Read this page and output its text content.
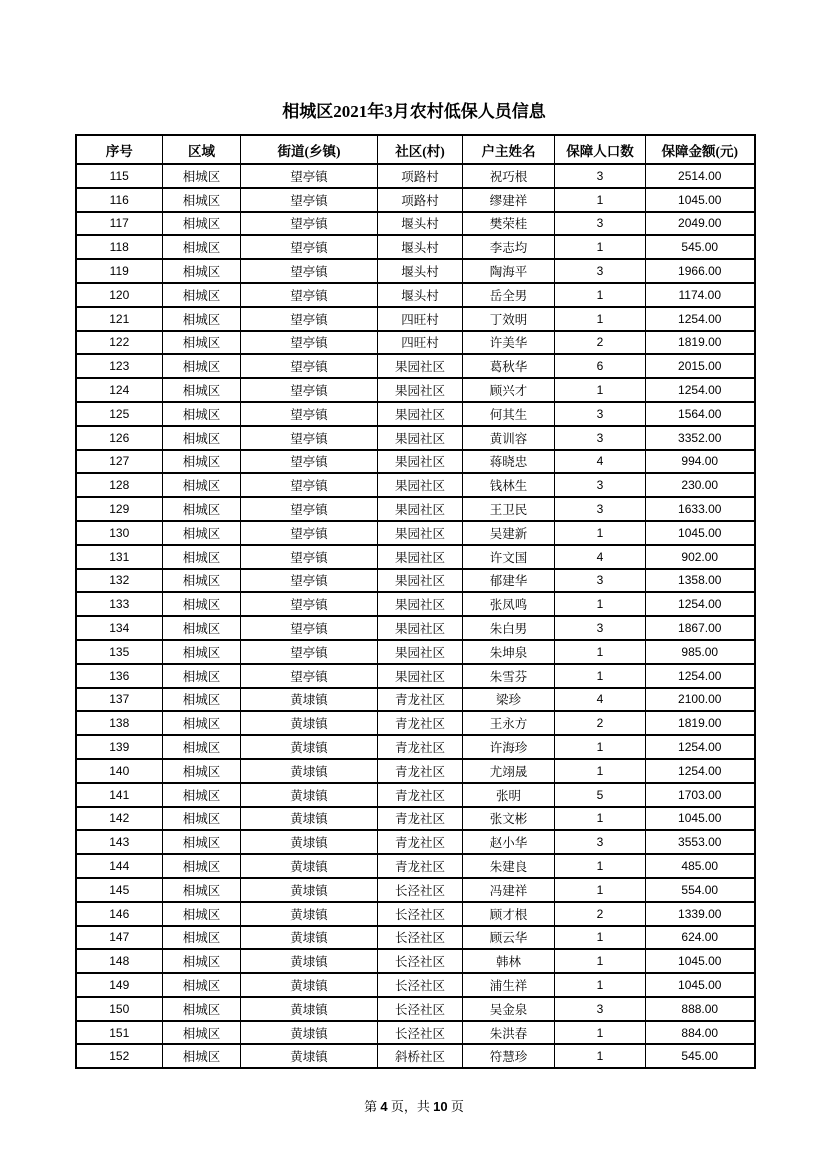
相城区2021年3月农村低保人员信息
序号	区域	街道(乡镇)	社区(村)	户主姓名	保障人口数	保障金额(元)
115	相城区	望亭镇	项路村	祝巧根	3	2514.00
116	相城区	望亭镇	项路村	缪建祥	1	1045.00
117	相城区	望亭镇	堰头村	樊荣桂	3	2049.00
118	相城区	望亭镇	堰头村	李志均	1	545.00
119	相城区	望亭镇	堰头村	陶海平	3	1966.00
120	相城区	望亭镇	堰头村	岳全男	1	1174.00
121	相城区	望亭镇	四旺村	丁效明	1	1254.00
122	相城区	望亭镇	四旺村	许美华	2	1819.00
123	相城区	望亭镇	果园社区	葛秋华	6	2015.00
124	相城区	望亭镇	果园社区	顾兴才	1	1254.00
125	相城区	望亭镇	果园社区	何其生	3	1564.00
126	相城区	望亭镇	果园社区	黄训容	3	3352.00
127	相城区	望亭镇	果园社区	蒋晓忠	4	994.00
128	相城区	望亭镇	果园社区	钱林生	3	230.00
129	相城区	望亭镇	果园社区	王卫民	3	1633.00
130	相城区	望亭镇	果园社区	吴建新	1	1045.00
131	相城区	望亭镇	果园社区	许文国	4	902.00
132	相城区	望亭镇	果园社区	郁建华	3	1358.00
133	相城区	望亭镇	果园社区	张凤鸣	1	1254.00
134	相城区	望亭镇	果园社区	朱白男	3	1867.00
135	相城区	望亭镇	果园社区	朱坤泉	1	985.00
136	相城区	望亭镇	果园社区	朱雪芬	1	1254.00
137	相城区	黄埭镇	青龙社区	梁珍	4	2100.00
138	相城区	黄埭镇	青龙社区	王永方	2	1819.00
139	相城区	黄埭镇	青龙社区	许海珍	1	1254.00
140	相城区	黄埭镇	青龙社区	尤翊晟	1	1254.00
141	相城区	黄埭镇	青龙社区	张明	5	1703.00
142	相城区	黄埭镇	青龙社区	张文彬	1	1045.00
143	相城区	黄埭镇	青龙社区	赵小华	3	3553.00
144	相城区	黄埭镇	青龙社区	朱建良	1	485.00
145	相城区	黄埭镇	长泾社区	冯建祥	1	554.00
146	相城区	黄埭镇	长泾社区	顾才根	2	1339.00
147	相城区	黄埭镇	长泾社区	顾云华	1	624.00
148	相城区	黄埭镇	长泾社区	韩林	1	1045.00
149	相城区	黄埭镇	长泾社区	浦生祥	1	1045.00
150	相城区	黄埭镇	长泾社区	吴金泉	3	888.00
151	相城区	黄埭镇	长泾社区	朱洪春	1	884.00
152	相城区	黄埭镇	斜桥社区	符慧珍	1	545.00
第 4 页，共 10 页
